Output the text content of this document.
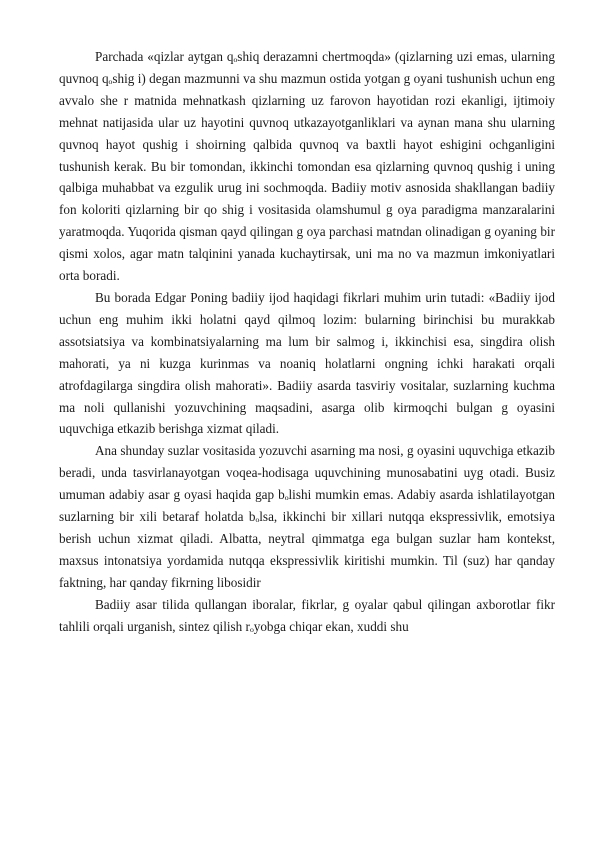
Parchada «qizlar aytgan qₒshiq derazamni chertmoqda» (qizlarning uzi emas, ularning quvnoq qₒshig i) degan mazmunni va shu mazmun ostida yotgan g oyani tushunish uchun eng avvalo she r matnida mehnatkash qizlarning uz farovon hayotidan rozi ekanligi, ijtimoiy mehnat natijasida ular uz hayotini quvnoq utkazayotganliklari va aynan mana shu ularning quvnoq hayot qushig i shoirning qalbida quvnoq va baxtli hayot eshigini ochganligini tushunish kerak. Bu bir tomondan, ikkinchi tomondan esa qizlarning quvnoq qushig i uning qalbiga muhabbat va ezgulik urug ini sochmoqda. Badiiy motiv asnosida shakllangan badiiy fon koloriti qizlarning bir qo shig i vositasida olamshumul g oya paradigma manzaralarini yaratmoqda. Yuqorida qisman qayd qilingan g oya parchasi matndan olinadigan g oyaning bir qismi xolos, agar matn talqinini yanada kuchaytirsak, uni ma no va mazmun imkoniyatlari orta boradi.

Bu borada Edgar Poning badiiy ijod haqidagi fikrlari muhim urin tutadi: «Badiiy ijod uchun eng muhim ikki holatni qayd qilmoq lozim: bularning birinchisi bu murakkab assotsiatsiya va kombinatsiyalarning ma lum bir salmog i, ikkinchisi esa, singdira olish mahorati, ya ni kuzga kurinmas va noaniq holatlarni ongning ichki harakati orqali atrofdagilarga singdira olish mahorati». Badiiy asarda tasviriy vositalar, suzlarning kuchma ma noli qullanishi yozuvchining maqsadini, asarga olib kirmoqchi bulgan g oyasini uquvchiga etkazib berishga xizmat qiladi.

Ana shunday suzlar vositasida yozuvchi asarning ma nosi, g oyasini uquvchiga etkazib beradi, unda tasvirlanayotgan voqea-hodisaga uquvchining munosabatini uyg otadi. Busiz umuman adabiy asar g oyasi haqida gap bₒlishi mumkin emas. Adabiy asarda ishlatilayotgan suzlarning bir xili betaraf holatda bₒlsa, ikkinchi bir xillari nutqqa ekspressivlik, emotsiya berish uchun xizmat qiladi. Albatta, neytral qimmatga ega bulgan suzlar ham kontekst, maxsus intonatsiya yordamida nutqqa ekspressivlik kiritishi mumkin. Til (suz) har qanday faktning, har qanday fikrning libosidir

Badiiy asar tilida qullangan iboralar, fikrlar, g oyalar qabul qilingan axborotlar fikr tahlili orqali urganish, sintez qilish rₒyobga chiqar ekan, xuddi shu
